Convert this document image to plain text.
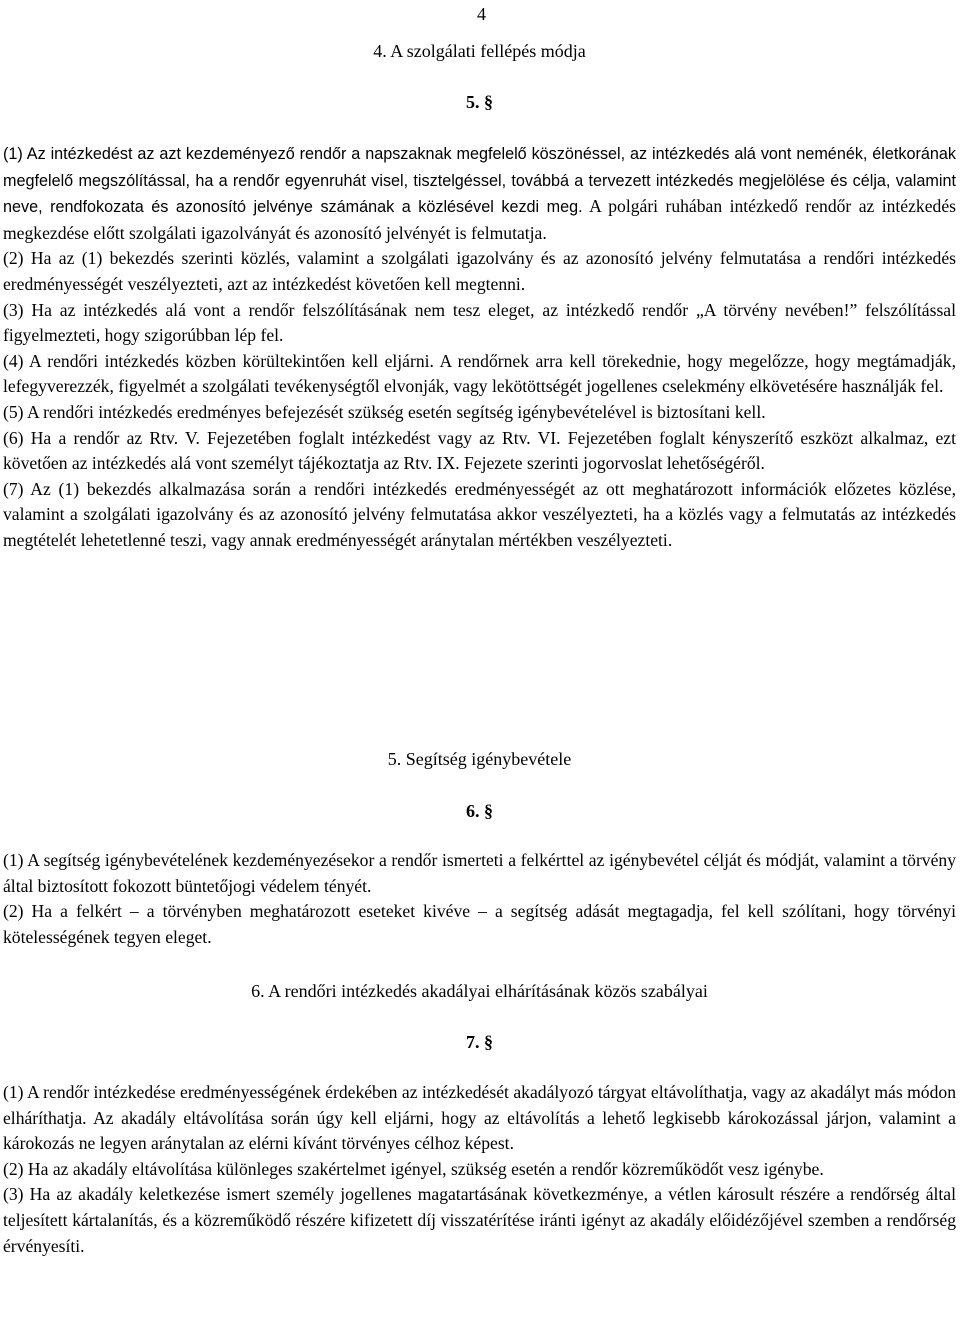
4
4. A szolgálati fellépés módja
5. §

(1) Az intézkedést az azt kezdeményező rendőr a napszaknak megfelelő köszönéssel, az intézkedés alá vont neménék, életkorának megfelelő megszólítással, ha a rendőr egyenruhát visel, tisztelgéssel, továbbá a tervezett intézkedés megjelölése és célja, valamint neve, rendfokozata és azonosító jelvénye számának a közlésével kezdi meg. A polgári ruhában intézkedő rendőr az intézkedés megkezdése előtt szolgálati igazolványát és azonosító jelvényét is felmutatja.

(2) Ha az (1) bekezdés szerinti közlés, valamint a szolgálati igazolvány és az azonosító jelvény felmutatása a rendőri intézkedés eredményességét veszélyezteti, azt az intézkedést követően kell megtenni.

(3) Ha az intézkedés alá vont a rendőr felszólításának nem tesz eleget, az intézkedő rendőr „A törvény nevében!” felszólítással figyelmezteti, hogy szigorúbban lép fel.

(4) A rendőri intézkedés közben körültekintően kell eljárni. A rendőrnek arra kell törekednie, hogy megelőzze, hogy megtámadják, lefegyverezzék, figyelmét a szolgálati tevékenységtől elvonják, vagy lekötöttségét jogellenes cselekmény elkövetésére használják fel.

(5) A rendőri intézkedés eredményes befejezését szükség esetén segítség igénybevételével is biztosítani kell.

(6) Ha a rendőr az Rtv. V. Fejezetében foglalt intézkedést vagy az Rtv. VI. Fejezetében foglalt kényszerítő eszközt alkalmaz, ezt követően az intézkedés alá vont személyt tájékoztatja az Rtv. IX. Fejezete szerinti jogorvoslat lehetőségéről.

(7) Az (1) bekezdés alkalmazása során a rendőri intézkedés eredményességét az ott meghatározott információk előzetes közlése, valamint a szolgálati igazolvány és az azonosító jelvény felmutatása akkor veszélyezteti, ha a közlés vagy a felmutatás az intézkedés megtételét lehetetlenné teszi, vagy annak eredményességét aránytalan mértékben veszélyezteti.

5. Segítség igénybevétele
6. §

(1) A segítség igénybevételének kezdeményezésekor a rendőr ismerteti a felkérttel az igénybevétel célját és módját, valamint a törvény által biztosított fokozott büntetőjogi védelem tényét.

(2) Ha a felkért – a törvényben meghatározott eseteket kivéve – a segítség adását megtagadja, fel kell szólítani, hogy törvényi kötelességének tegyen eleget.

6. A rendőri intézkedés akadályai elhárításának közös szabályai
7. §

(1) A rendőr intézkedése eredményességének érdekében az intézkedését akadályozó tárgyat eltávolíthatja, vagy az akadályt más módon elháríthatja. Az akadály eltávolítása során úgy kell eljárni, hogy az eltávolítás a lehető legkisebb károkozással járjon, valamint a károkozás ne legyen aránytalan az elérni kívánt törvényes célhoz képest.

(2) Ha az akadály eltávolítása különleges szakértelmet igényel, szükség esetén a rendőr közreműködőt vesz igénybe.

(3) Ha az akadály keletkezése ismert személy jogellenes magatartásának következménye, a vétlen károsult részére a rendőrség által teljesített kártalanítás, és a közreműködő részére kifizetett díj visszatérítése iránti igényt az akadály előidézőjével szemben a rendőrség érvényesíti.
